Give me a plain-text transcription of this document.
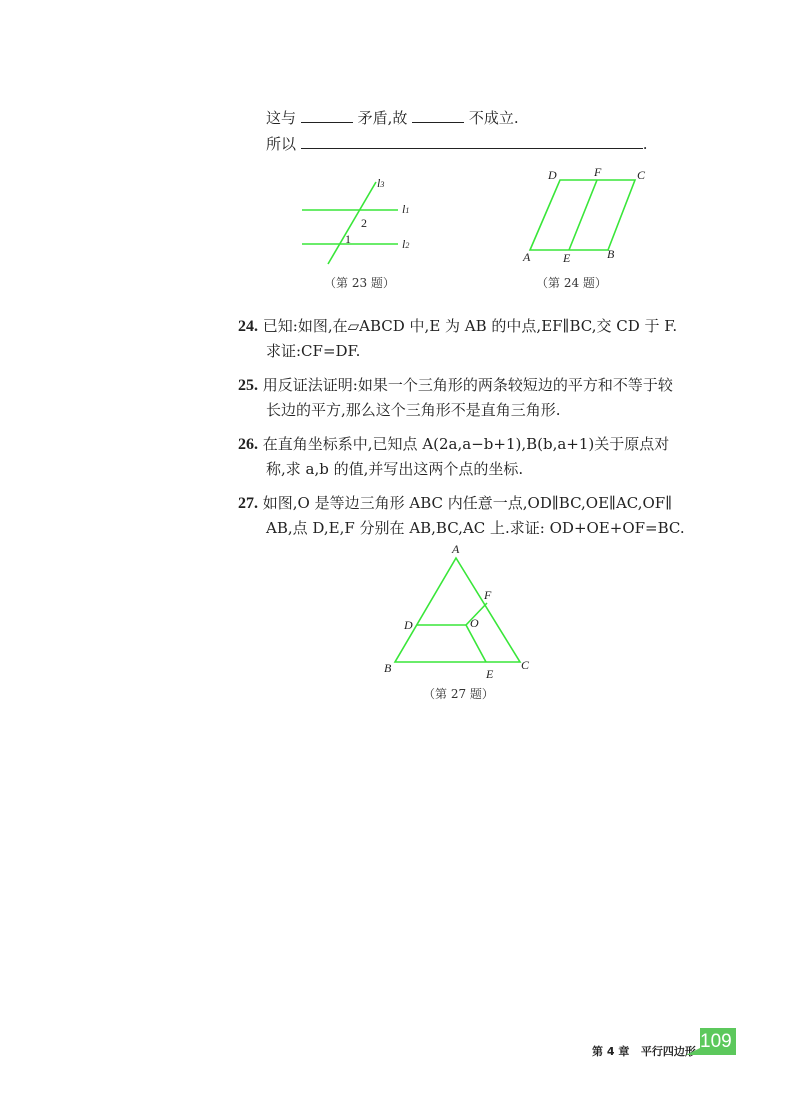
这与	矛盾,故	不成立.
所以	.
l3
l1
l2
2
1
（第 23 题）
D	F	C
A	E	B
（第 24 题）
24. 已知:如图,在▱ABCD 中,E 为 AB 的中点,EF∥BC,交 CD 于 F.
求证:CF=DF.
25. 用反证法证明:如果一个三角形的两条较短边的平方和不等于较
长边的平方,那么这个三角形不是直角三角形.
26. 在直角坐标系中,已知点 A(2a,a−b+1),B(b,a+1)关于原点对
称,求 a,b 的值,并写出这两个点的坐标.
27. 如图,O 是等边三角形 ABC 内任意一点,OD∥BC,OE∥AC,OF∥
AB,点 D,E,F 分别在 AB,BC,AC 上.求证: OD+OE+OF=BC.
A
F
D	O
B	E
C
（第 27 题）
第 4 章 平行四边形 109
